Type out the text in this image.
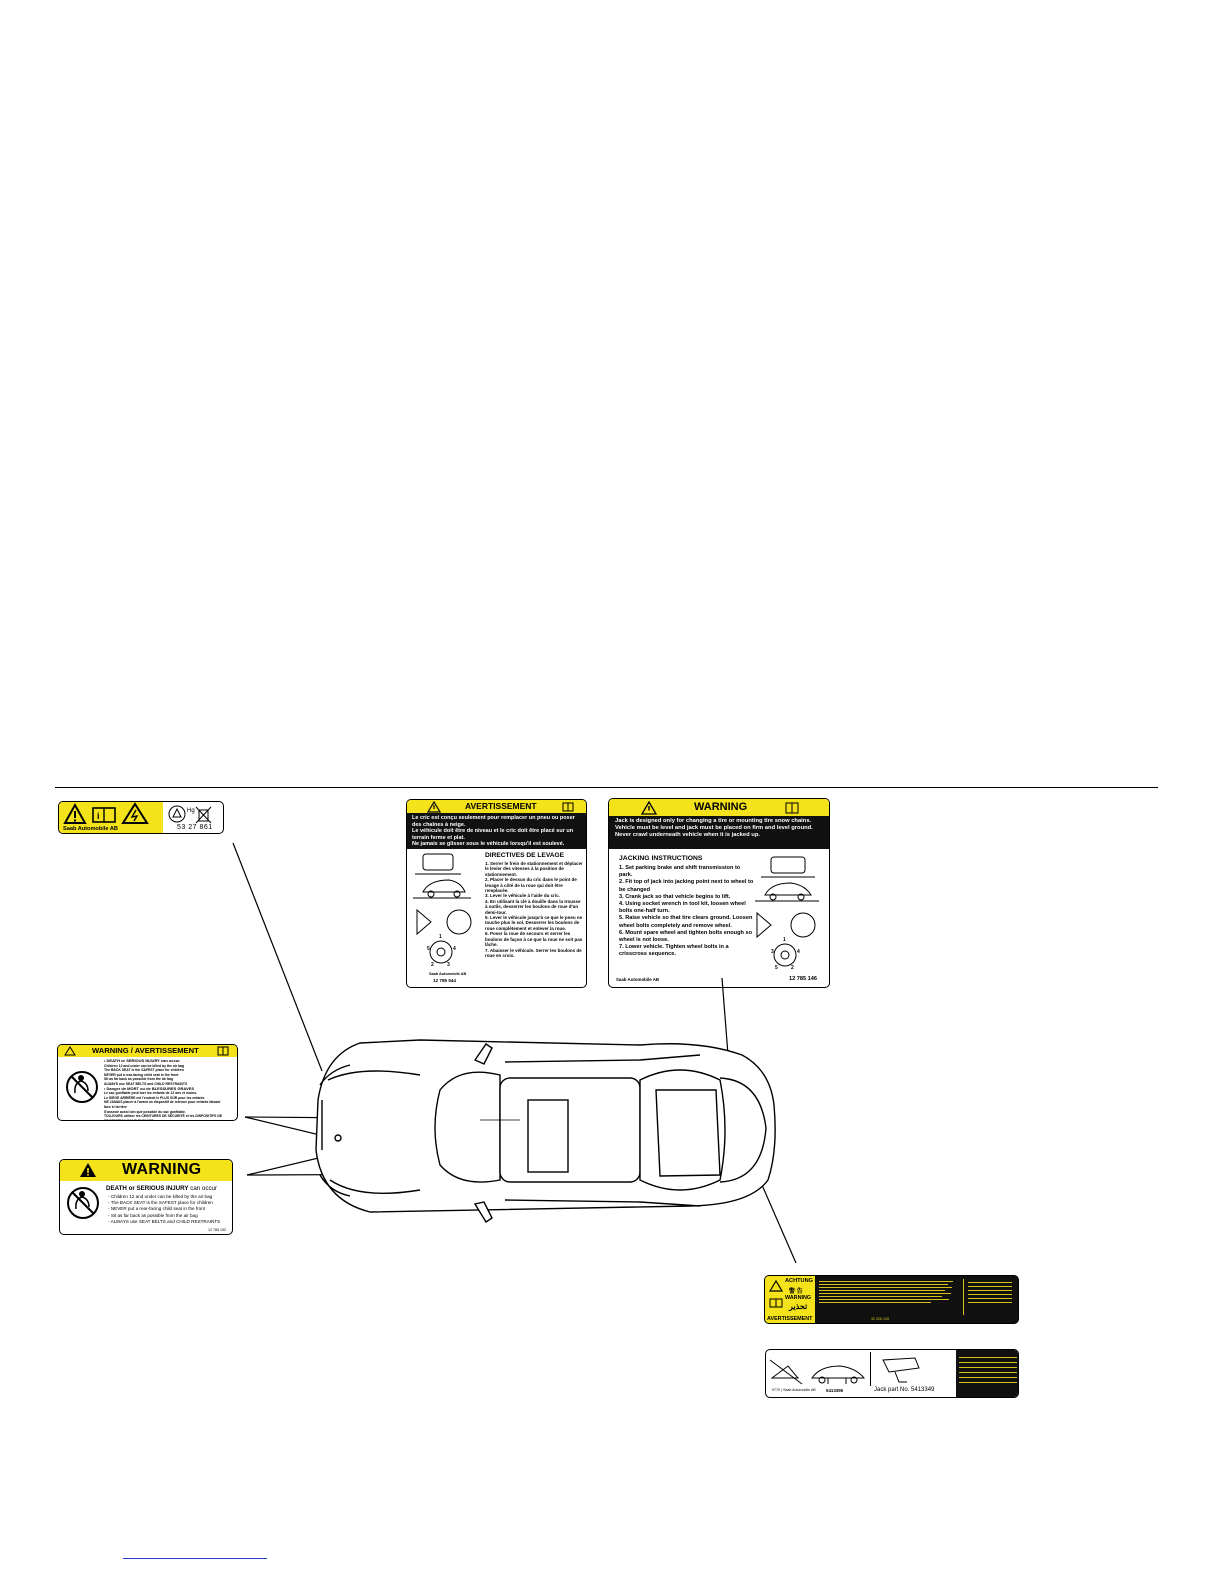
i
Saab Automobile AB
Hg
53 27 861
AVERTISSEMENT
Le cric est conçu seulement pour remplacer un pneu ou poser des chaînes à neige.
Le véhicule doit être de niveau et le cric doit être placé sur un terrain ferme et plat.
Ne jamais se glisser sous le véhicule lorsqu'il est soulevé.
1
5	4
2	3
DIRECTIVES DE LEVAGE
1. Serrer le frein de stationnement et déplacer le levier des vitesses à la position de stationnement.
2. Placer le dessus du cric dans le point de levage à côté de la roue qui doit être remplacée.
3. Lever le véhicule à l'aide du cric.
4. En utilisant la clé à douille dans la trousse à outils, desserrer les boulons de roue d'un demi-tour.
5. Lever le véhicule jusqu'à ce que le pneu ne touche plus le sol. Desserrer les boulons de roue complètement et enlever la roue.
6. Poser la roue de secours et serrer les boulons de façon à ce que la roue ne soit pas lâche.
7. Abaisser le véhicule. Serrer les boulons de roue en croix.
Saab Automobile AB
12 785 544
WARNING
Jack is designed only for changing a tire or mounting tire snow chains.
Vehicle must be level and jack must be placed on firm and level ground.
Never crawl underneath vehicle when it is jacked up.
JACKING INSTRUCTIONS
1. Set parking brake and shift transmission to park.
2. Fit top of jack into jacking point next to wheel to be changed
3. Crank jack so that vehicle begins to lift.
4. Using socket wrench in tool kit, loosen wheel bolts one-half turn.
5. Raise vehicle so that tire clears ground. Loosen wheel bolts completely and remove wheel.
6. Mount spare wheel and tighten bolts enough so wheel is not loose.
7. Lower vehicle. Tighten wheel bolts in a crisscross sequence.
1
3	4
5	2
Saab Automobile AB	12 785 146
WARNING / AVERTISSEMENT
• DEATH or SERIOUS INJURY can occur
Children 12 and under can be killed by the air bag
The BACK SEAT is the SAFEST place for children
NEVER put a rear-facing child seat in the front
Sit as far back as possible from the air bag
ALWAYS use SEAT BELTS and CHILD RESTRAINTS
• Danger de MORT ou de BLESSURES GRAVES
Le sac gonflable peut tuer les enfants de 12 ans et moins.
Le SIÈGE ARRIÈRE est l'endroit le PLUS SÛR pour les enfants
NE JAMAIS placer à l'avant un dispositif de retenue pour enfants faisant face à l'arrière
S'asseoir aussi loin que possible du sac gonflable.
TOUJOURS utiliser les CEINTURES DE SÉCURITÉ et les DISPOSITIFS DE PROTECTION POUR ENFANTS
WARNING
DEATH or SERIOUS INJURY can occur
- Children 12 and under can be killed by the air bag
- The BACK SEAT is the SAFEST place for children
- NEVER put a rear-facing child seat in the front
- Sit as far back as possible from the air bag
- ALWAYS use SEAT BELTS and CHILD RESTRAINTS
12 785 192
ACHTUNG
警 告
WARNING
تحذير
AVERTISSEMENT	32 026 128
9770 | Saab Automobile AB 5413395	Jack part No. 5413349
